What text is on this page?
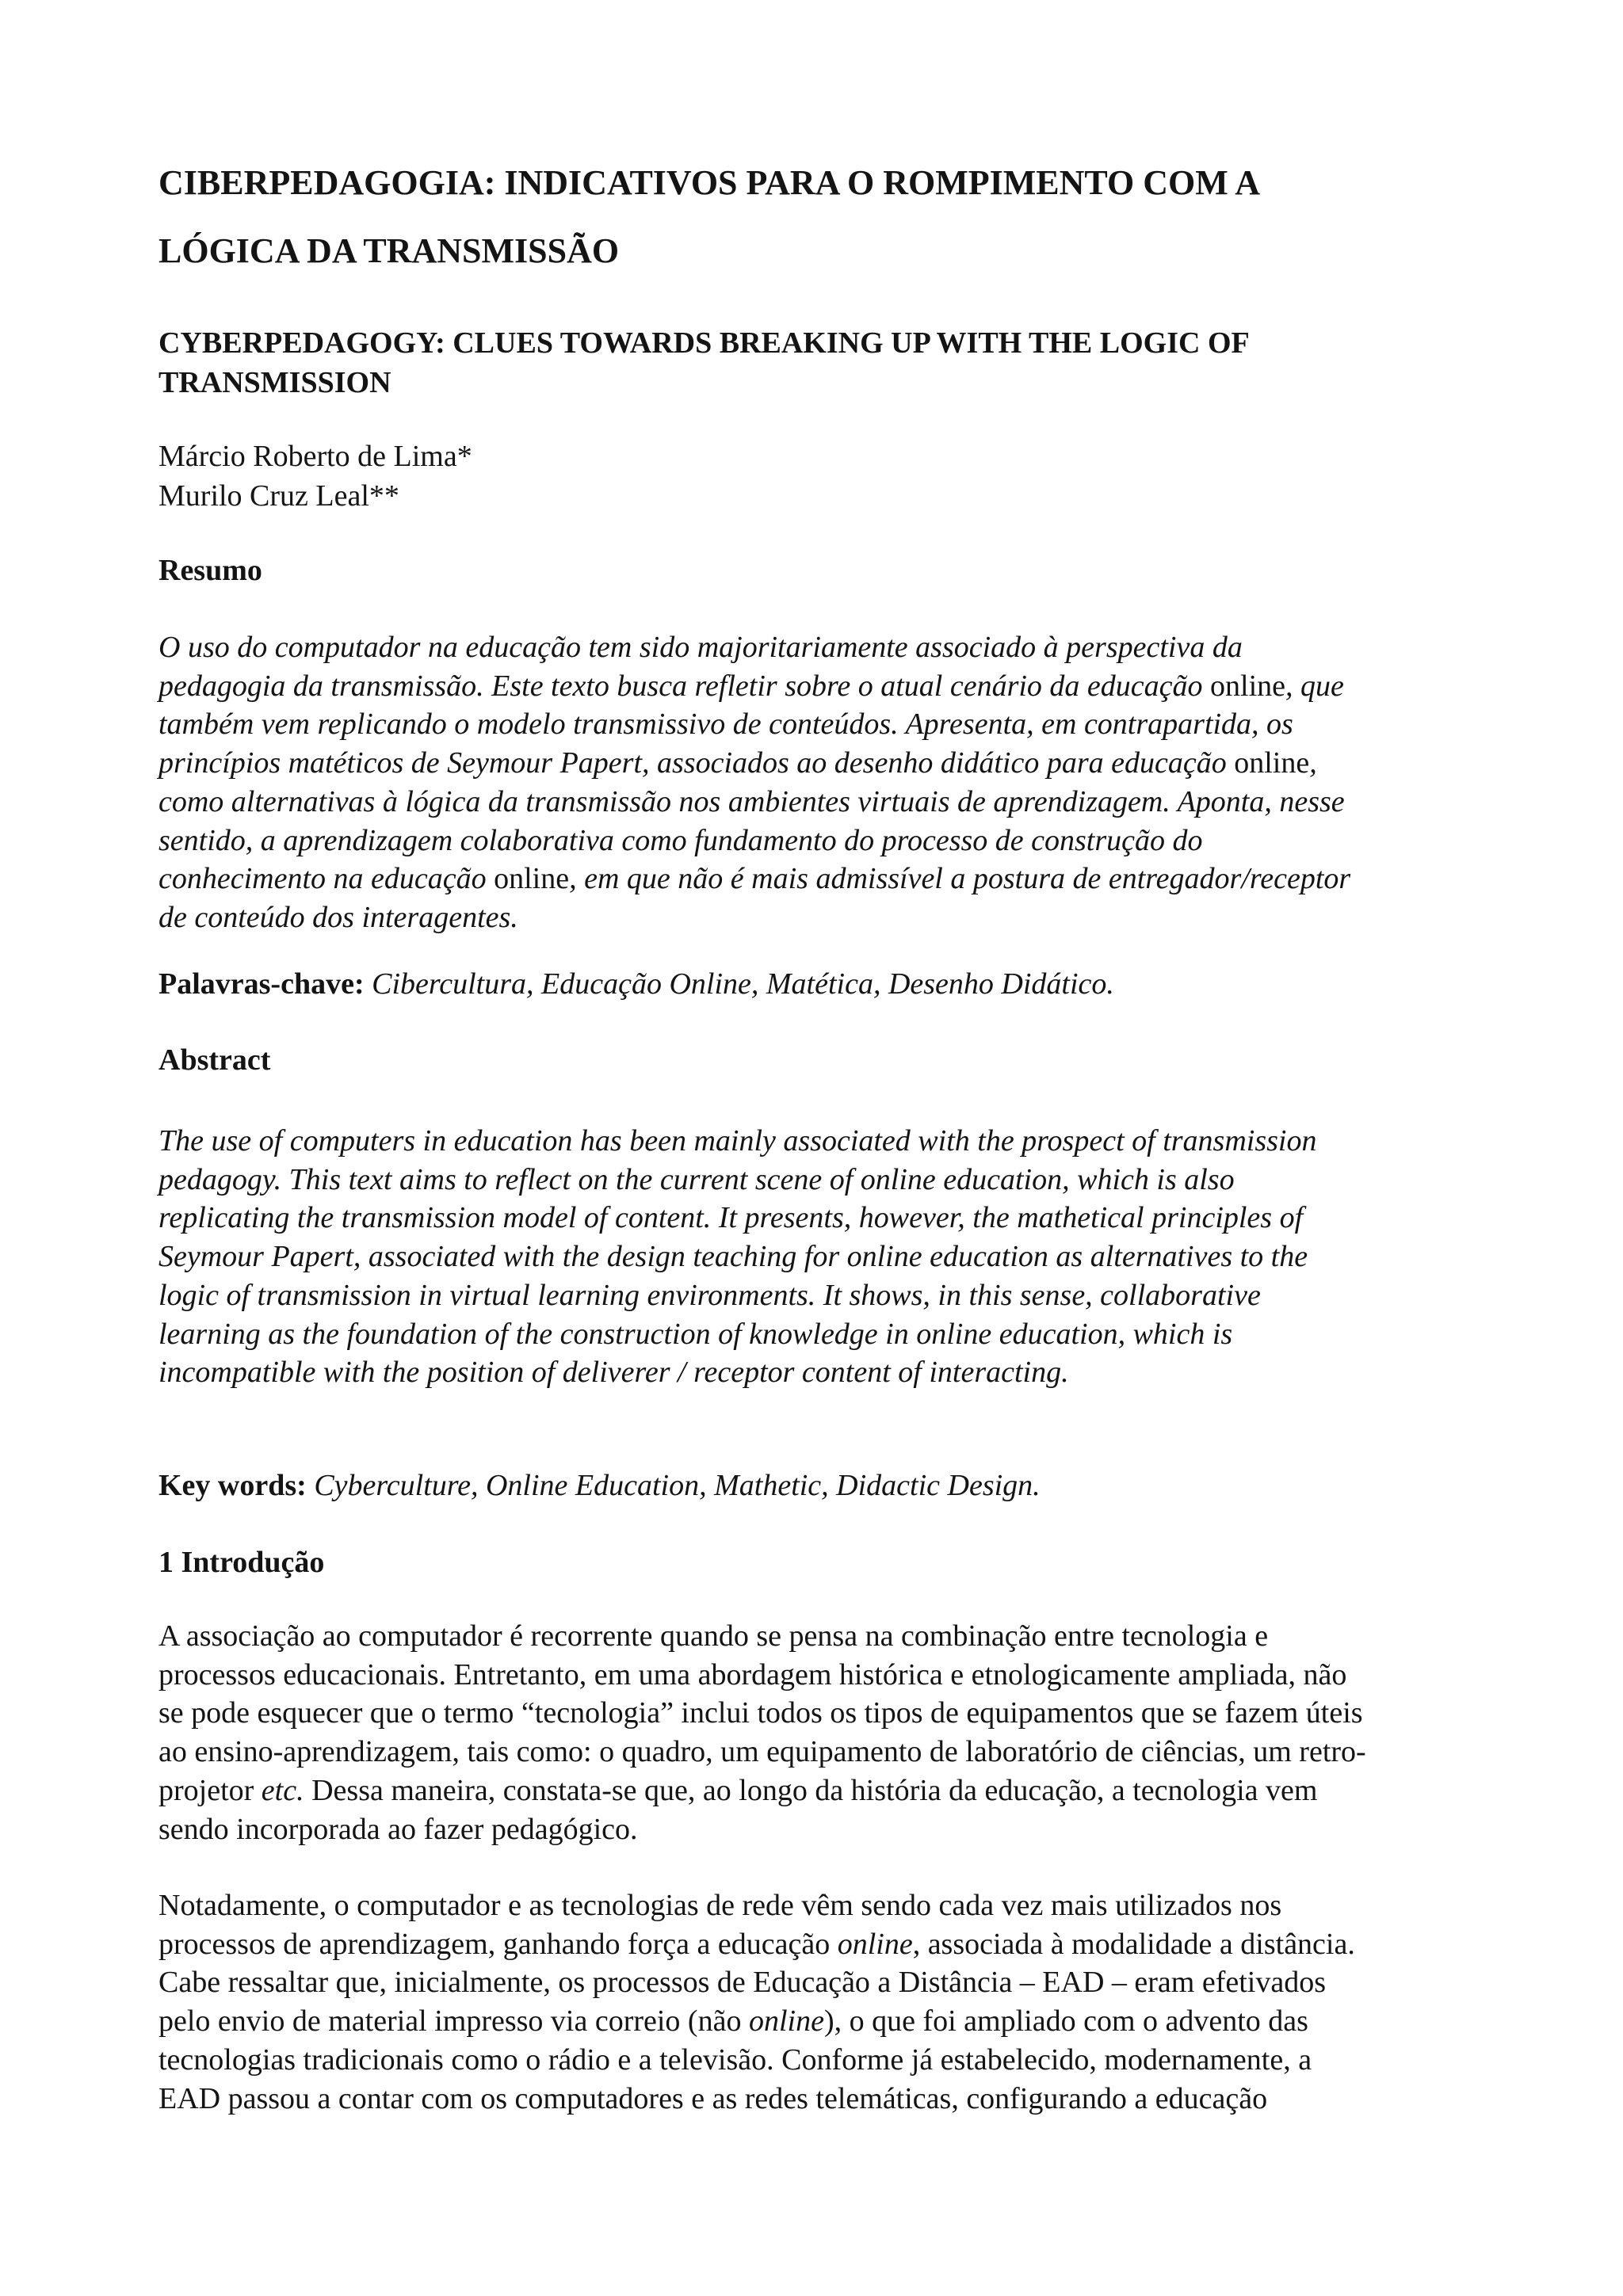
CIBERPEDAGOGIA: INDICATIVOS PARA O ROMPIMENTO COM A
LÓGICA DA TRANSMISSÃO
CYBERPEDAGOGY: CLUES TOWARDS BREAKING UP WITH THE LOGIC OF
TRANSMISSION
Márcio Roberto de Lima*
Murilo Cruz Leal**
Resumo
O uso do computador na educação tem sido majoritariamente associado à perspectiva da
pedagogia da transmissão. Este texto busca refletir sobre o atual cenário da educação online, que
também vem replicando o modelo transmissivo de conteúdos. Apresenta, em contrapartida, os
princípios matéticos de Seymour Papert, associados ao desenho didático para educação online,
como alternativas à lógica da transmissão nos ambientes virtuais de aprendizagem. Aponta, nesse
sentido, a aprendizagem colaborativa como fundamento do processo de construção do
conhecimento na educação online, em que não é mais admissível a postura de entregador/receptor
de conteúdo dos interagentes.
Palavras-chave: Cibercultura, Educação Online, Matética, Desenho Didático.
Abstract
The use of computers in education has been mainly associated with the prospect of transmission
pedagogy. This text aims to reflect on the current scene of online education, which is also
replicating the transmission model of content. It presents, however, the mathetical principles of
Seymour Papert, associated with the design teaching for online education as alternatives to the
logic of transmission in virtual learning environments. It shows, in this sense, collaborative
learning as the foundation of the construction of knowledge in online education, which is
incompatible with the position of deliverer / receptor content of interacting.
Key words: Cyberculture, Online Education, Mathetic, Didactic Design.
1 Introdução
A associação ao computador é recorrente quando se pensa na combinação entre tecnologia e
processos educacionais. Entretanto, em uma abordagem histórica e etnologicamente ampliada, não
se pode esquecer que o termo “tecnologia” inclui todos os tipos de equipamentos que se fazem úteis
ao ensino-aprendizagem, tais como: o quadro, um equipamento de laboratório de ciências, um retro-
projetor etc. Dessa maneira, constata-se que, ao longo da história da educação, a tecnologia vem
sendo incorporada ao fazer pedagógico.
Notadamente, o computador e as tecnologias de rede vêm sendo cada vez mais utilizados nos
processos de aprendizagem, ganhando força a educação online, associada à modalidade a distância.
Cabe ressaltar que, inicialmente, os processos de Educação a Distância – EAD – eram efetivados
pelo envio de material impresso via correio (não online), o que foi ampliado com o advento das
tecnologias tradicionais como o rádio e a televisão. Conforme já estabelecido, modernamente, a
EAD passou a contar com os computadores e as redes telemáticas, configurando a educação
